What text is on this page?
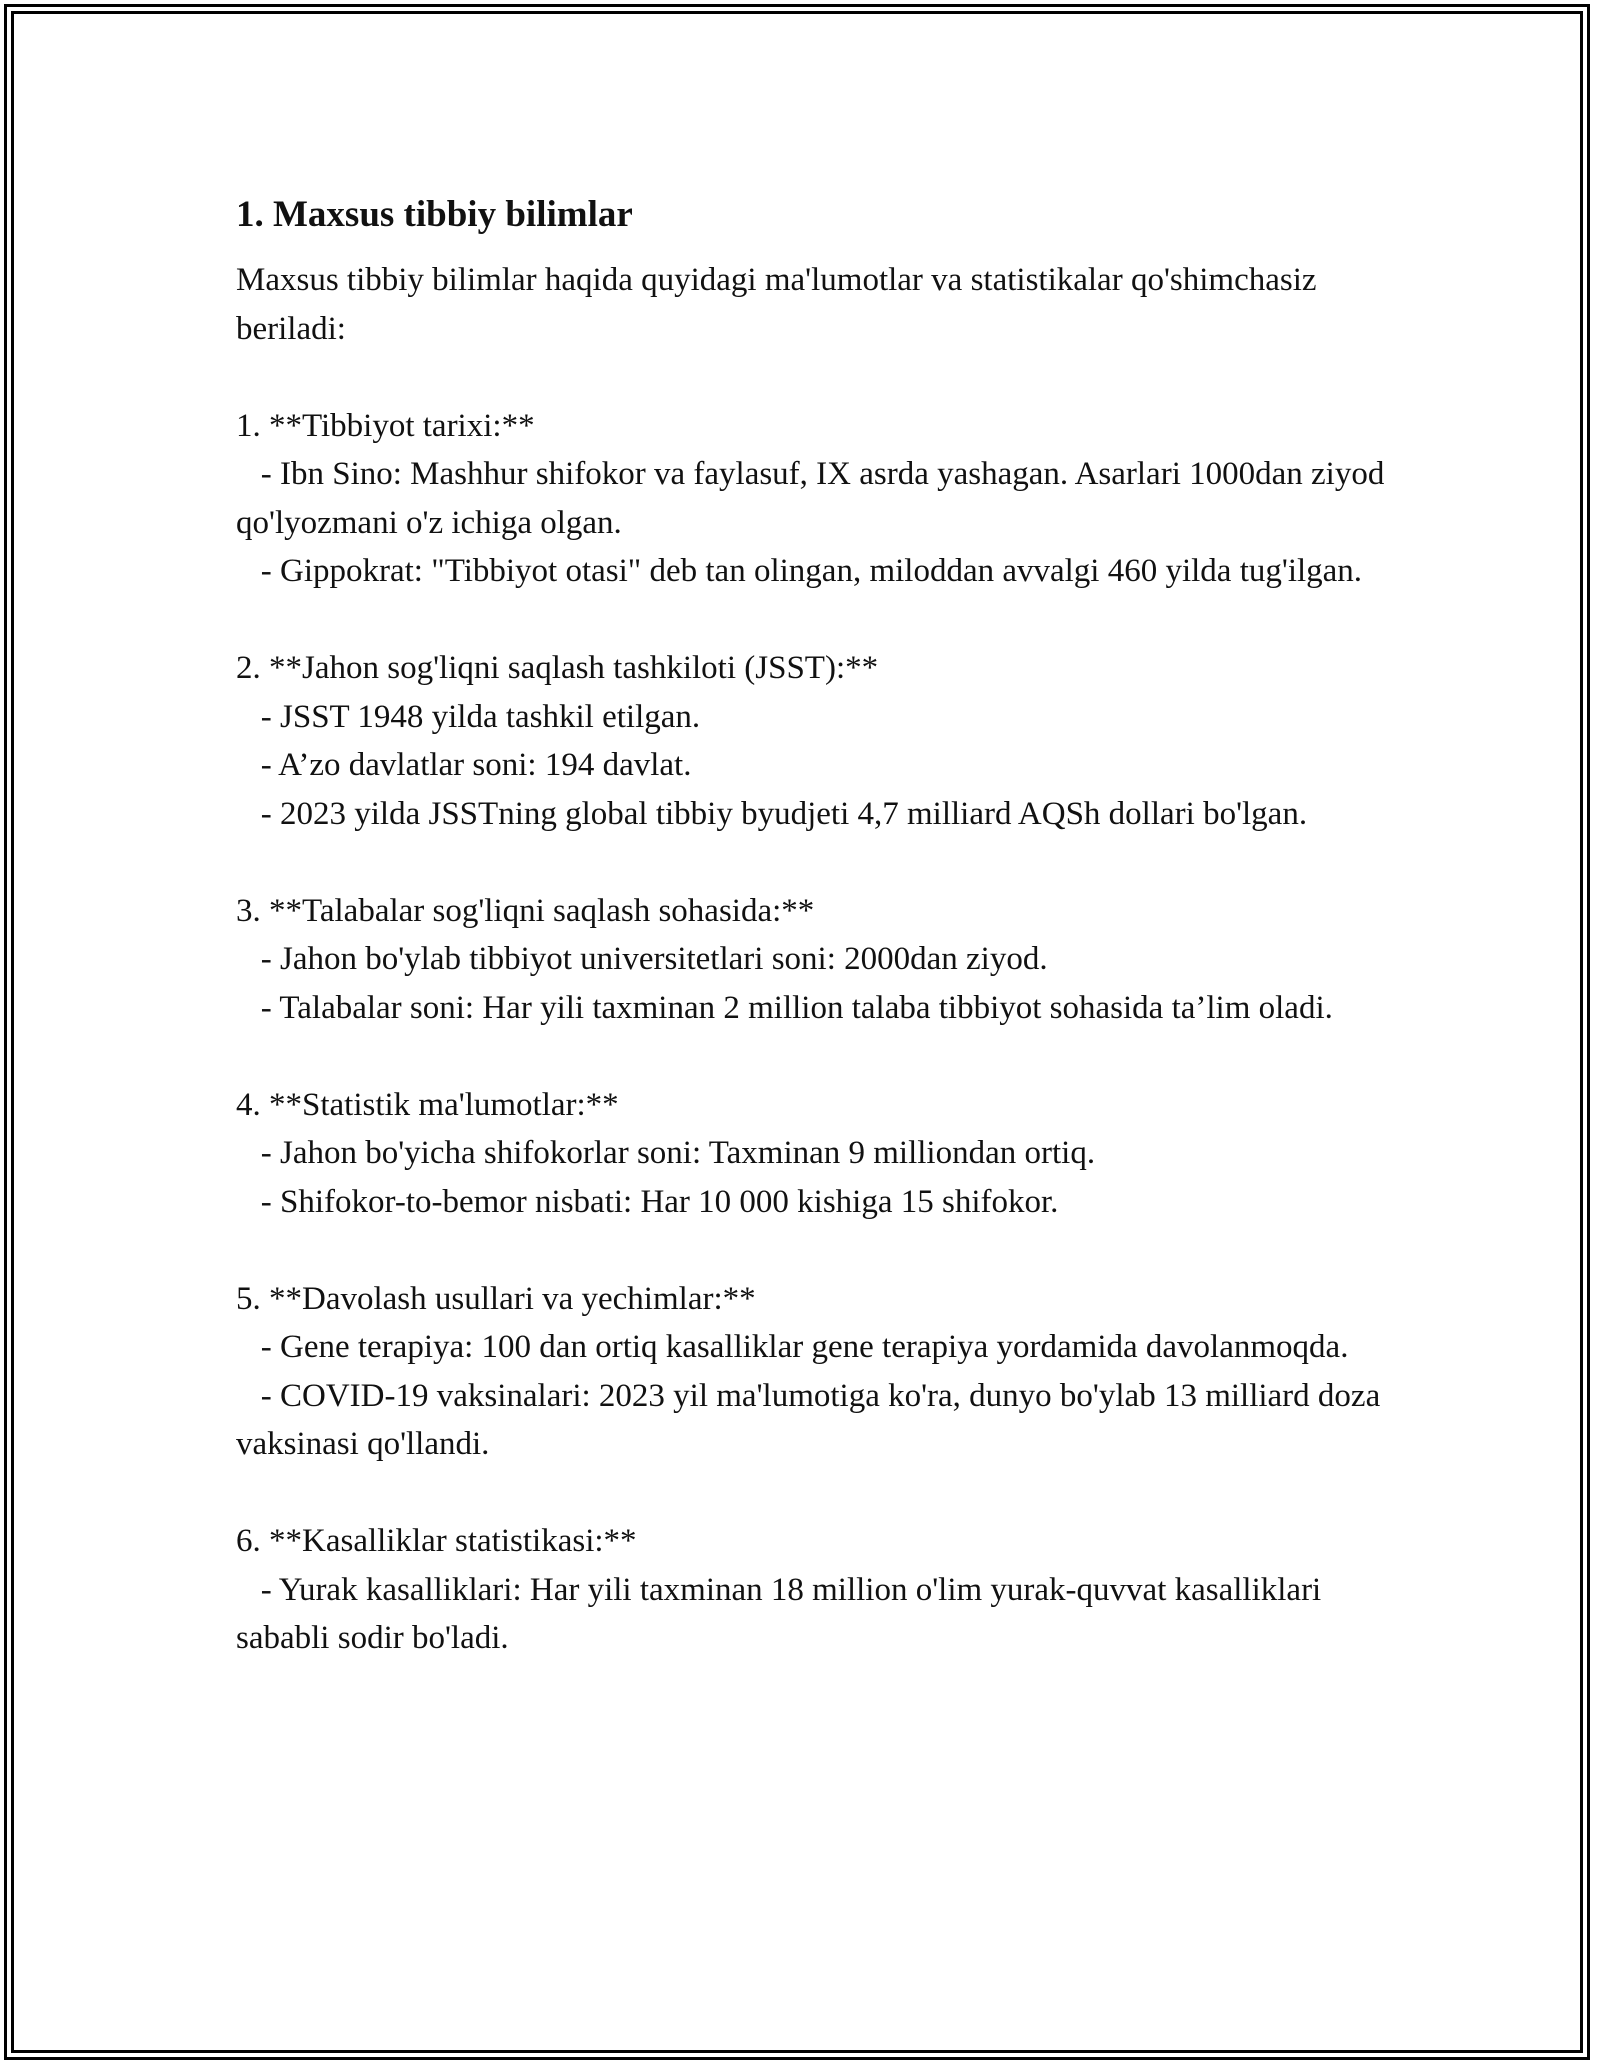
1. Maxsus tibbiy bilimlar

Maxsus tibbiy bilimlar haqida quyidagi ma'lumotlar va statistikalar qo'shimchasiz beriladi:

1. **Tibbiyot tarixi:**

- Ibn Sino: Mashhur shifokor va faylasuf, IX asrda yashagan. Asarlari 1000dan ziyod qo'lyozmani o'z ichiga olgan.

- Gippokrat: "Tibbiyot otasi" deb tan olingan, miloddan avvalgi 460 yilda tug'ilgan.

2. **Jahon sog'liqni saqlash tashkiloti (JSST):**

- JSST 1948 yilda tashkil etilgan.

- A’zo davlatlar soni: 194 davlat.

- 2023 yilda JSSTning global tibbiy byudjeti 4,7 milliard AQSh dollari bo'lgan.

3. **Talabalar sog'liqni saqlash sohasida:**

- Jahon bo'ylab tibbiyot universitetlari soni: 2000dan ziyod.

- Talabalar soni: Har yili taxminan 2 million talaba tibbiyot sohasida ta’lim oladi.

4. **Statistik ma'lumotlar:**

- Jahon bo'yicha shifokorlar soni: Taxminan 9 milliondan ortiq.

- Shifokor-to-bemor nisbati: Har 10 000 kishiga 15 shifokor.

5. **Davolash usullari va yechimlar:**

- Gene terapiya: 100 dan ortiq kasalliklar gene terapiya yordamida davolanmoqda.

- COVID-19 vaksinalari: 2023 yil ma'lumotiga ko'ra, dunyo bo'ylab 13 milliard doza vaksinasi qo'llandi.

6. **Kasalliklar statistikasi:**

- Yurak kasalliklari: Har yili taxminan 18 million o'lim yurak-quvvat kasalliklari sababli sodir bo'ladi.
